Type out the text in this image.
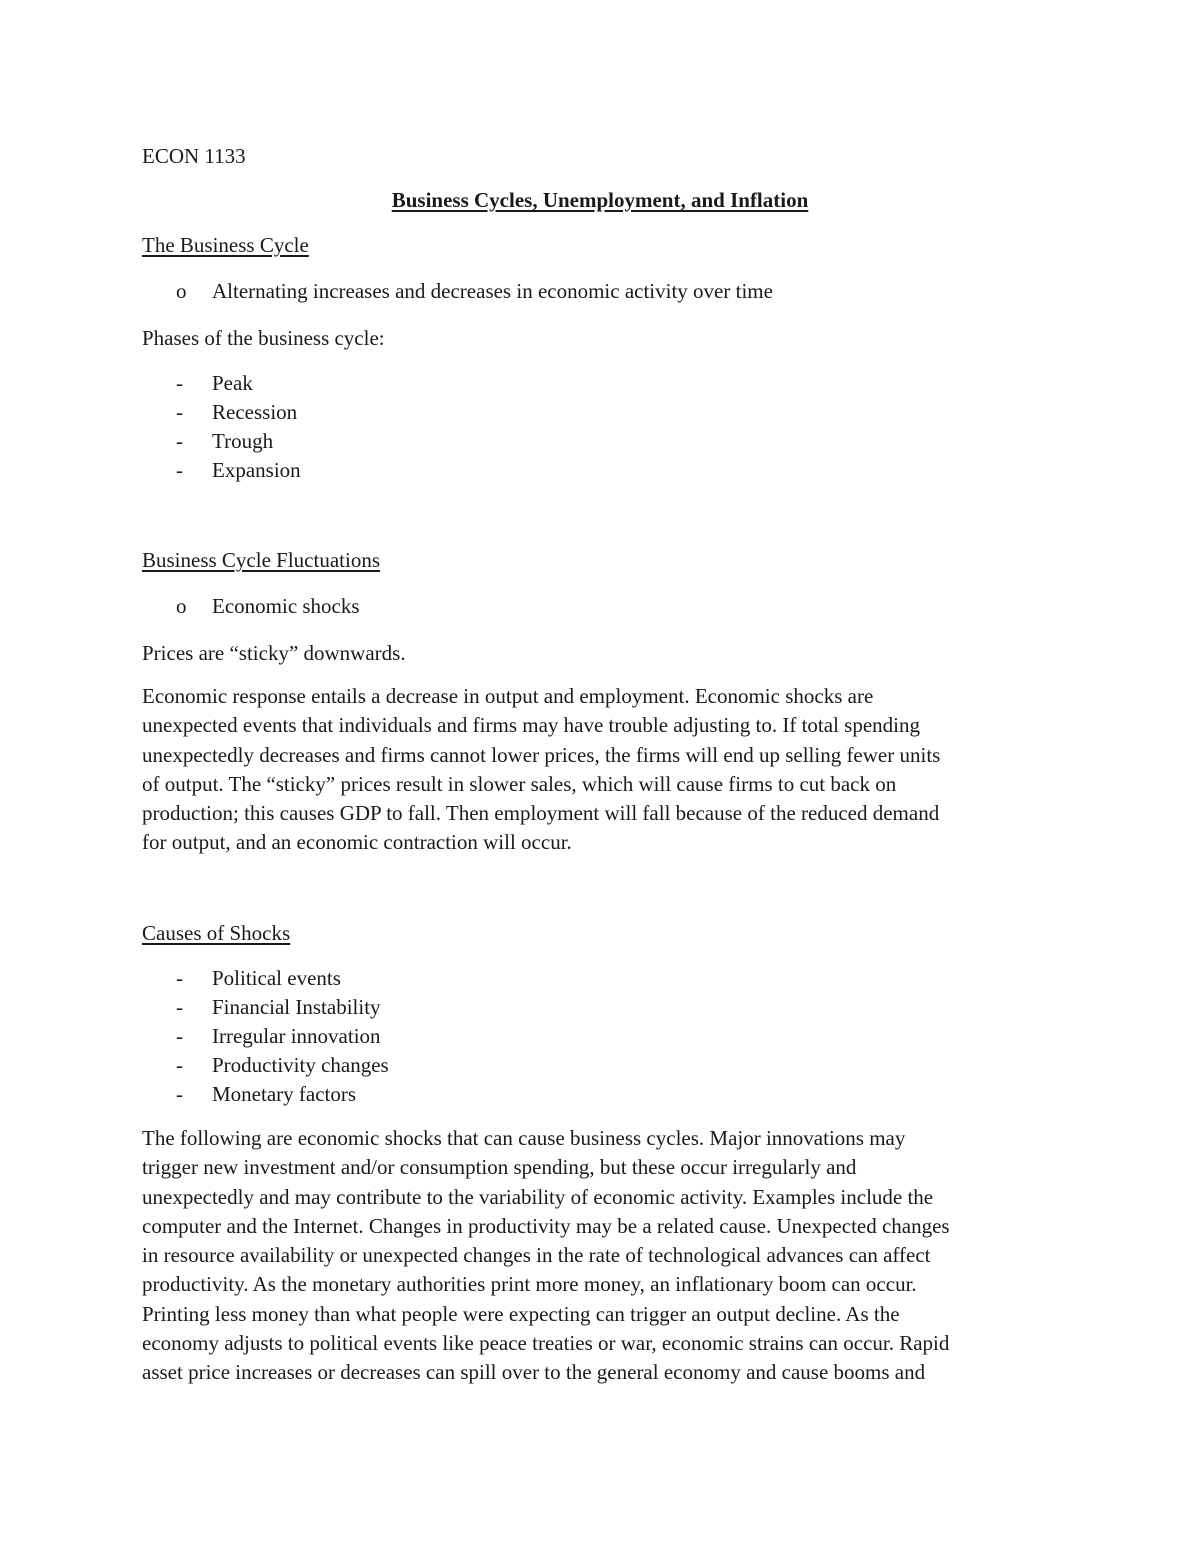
ECON 1133
Business Cycles, Unemployment, and Inflation
The Business Cycle
o Alternating increases and decreases in economic activity over time
Phases of the business cycle:
- Peak
- Recession
- Trough
- Expansion
Business Cycle Fluctuations
o Economic shocks
Prices are “sticky” downwards.

Economic response entails a decrease in output and employment. Economic shocks are

unexpected events that individuals and firms may have trouble adjusting to. If total spending

unexpectedly decreases and firms cannot lower prices, the firms will end up selling fewer units

of output. The “sticky” prices result in slower sales, which will cause firms to cut back on

production; this causes GDP to fall. Then employment will fall because of the reduced demand

for output, and an economic contraction will occur.

Causes of Shocks
- Political events
- Financial Instability
- Irregular innovation
- Productivity changes
- Monetary factors

The following are economic shocks that can cause business cycles. Major innovations may

trigger new investment and/or consumption spending, but these occur irregularly and

unexpectedly and may contribute to the variability of economic activity. Examples include the

computer and the Internet. Changes in productivity may be a related cause. Unexpected changes

in resource availability or unexpected changes in the rate of technological advances can affect

productivity. As the monetary authorities print more money, an inflationary boom can occur.

Printing less money than what people were expecting can trigger an output decline. As the

economy adjusts to political events like peace treaties or war, economic strains can occur. Rapid

asset price increases or decreases can spill over to the general economy and cause booms and
